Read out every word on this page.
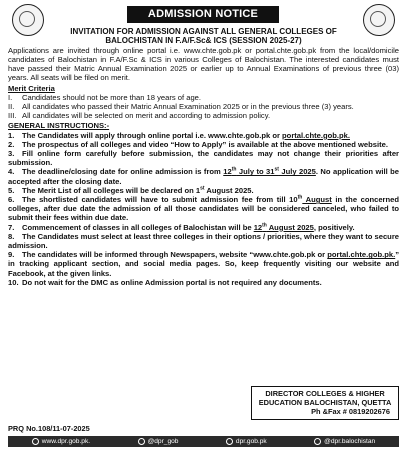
ADMISSION NOTICE
INVITATION FOR ADMISSION AGAINST ALL GENERAL COLLEGES OF
BALOCHISTAN IN F.A/F.Sc& ICS (SESSION 2025-27)

Applications are invited through online portal i.e. www.chte.gob.pk or portal.chte.gob.pk from the local/domicile candidates of Balochistan in F.A/F.Sc & ICS in various Colleges of Balochistan. The interested candidates must have passed their Matric Annual Examination 2025 or earlier up to Annual Examinations of previous three (03) years. All seats will be filed on merit.

Merit Criteria

I. Candidates should not be more than 18 years of age.

II. All candidates who passed their Matric Annual Examination 2025 or in the previous three (3) years.

III. All candidates will be selected on merit and according to admission policy.

GENERAL INSTRUCTIONS:-

1. The Candidates will apply through online portal i.e. www.chte.gob.pk or portal.chte.gob.pk.

2. The prospectus of all colleges and video “How to Apply” is available at the above mentioned website.

3. Fill online form carefully before submission, the candidates may not change their priorities after submission.

4. The deadline/closing date for online admission is from 12th July to 31st July 2025. No application will be accepted after the closing date.

5. The Merit List of all colleges will be declared on 1st August 2025.

6. The shortlisted candidates will have to submit admission fee from till 10th August in the concerned colleges, after due date the admission of all those candidates will be considered canceled, who failed to submit their fees within due date.

7. Commencement of classes in all colleges of Balochistan will be 12th August 2025, positively.

8. The Candidates must select at least three colleges in their options / priorities, where they want to secure admission.

9. The candidates will be informed through Newspapers, website “www.chte.gob.pk or portal.chte.gob.pk.” in tracking applicant section, and social media pages. So, keep frequently visiting our website and Facebook, at the given links.

10. Do not wait for the DMC as online Admission portal is not required any documents.

DIRECTOR COLLEGES & HIGHER
EDUCATION BALOCHISTAN, QUETTA
Ph &Fax # 0819202676
PRQ No.108/11-07-2025
www.dpr.gob.pk.	@dpr_gob	dpr.gob.pk	@dpr.balochistan
